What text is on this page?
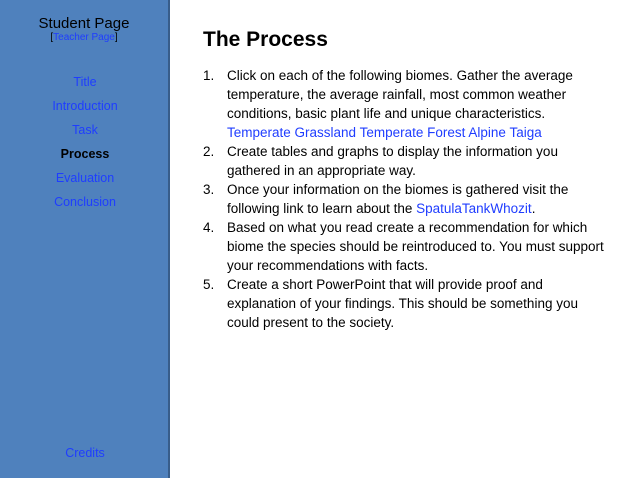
Student Page
[Teacher Page]
Title
Introduction
Task
Process
Evaluation
Conclusion
Credits
The Process
1. Click on each of the following biomes. Gather the average temperature, the average rainfall, most common weather conditions, basic plant life and unique characteristics.
Temperate Grassland Temperate Forest Alpine Taiga
2. Create tables and graphs to display the information you gathered in an appropriate way.
3. Once your information on the biomes is gathered visit the following link to learn about the SpatulaTankWhozit.
4. Based on what you read create a recommendation for which biome the species should be reintroduced to. You must support your recommendations with facts.
5. Create a short PowerPoint that will provide proof and explanation of your findings. This should be something you could present to the society.
